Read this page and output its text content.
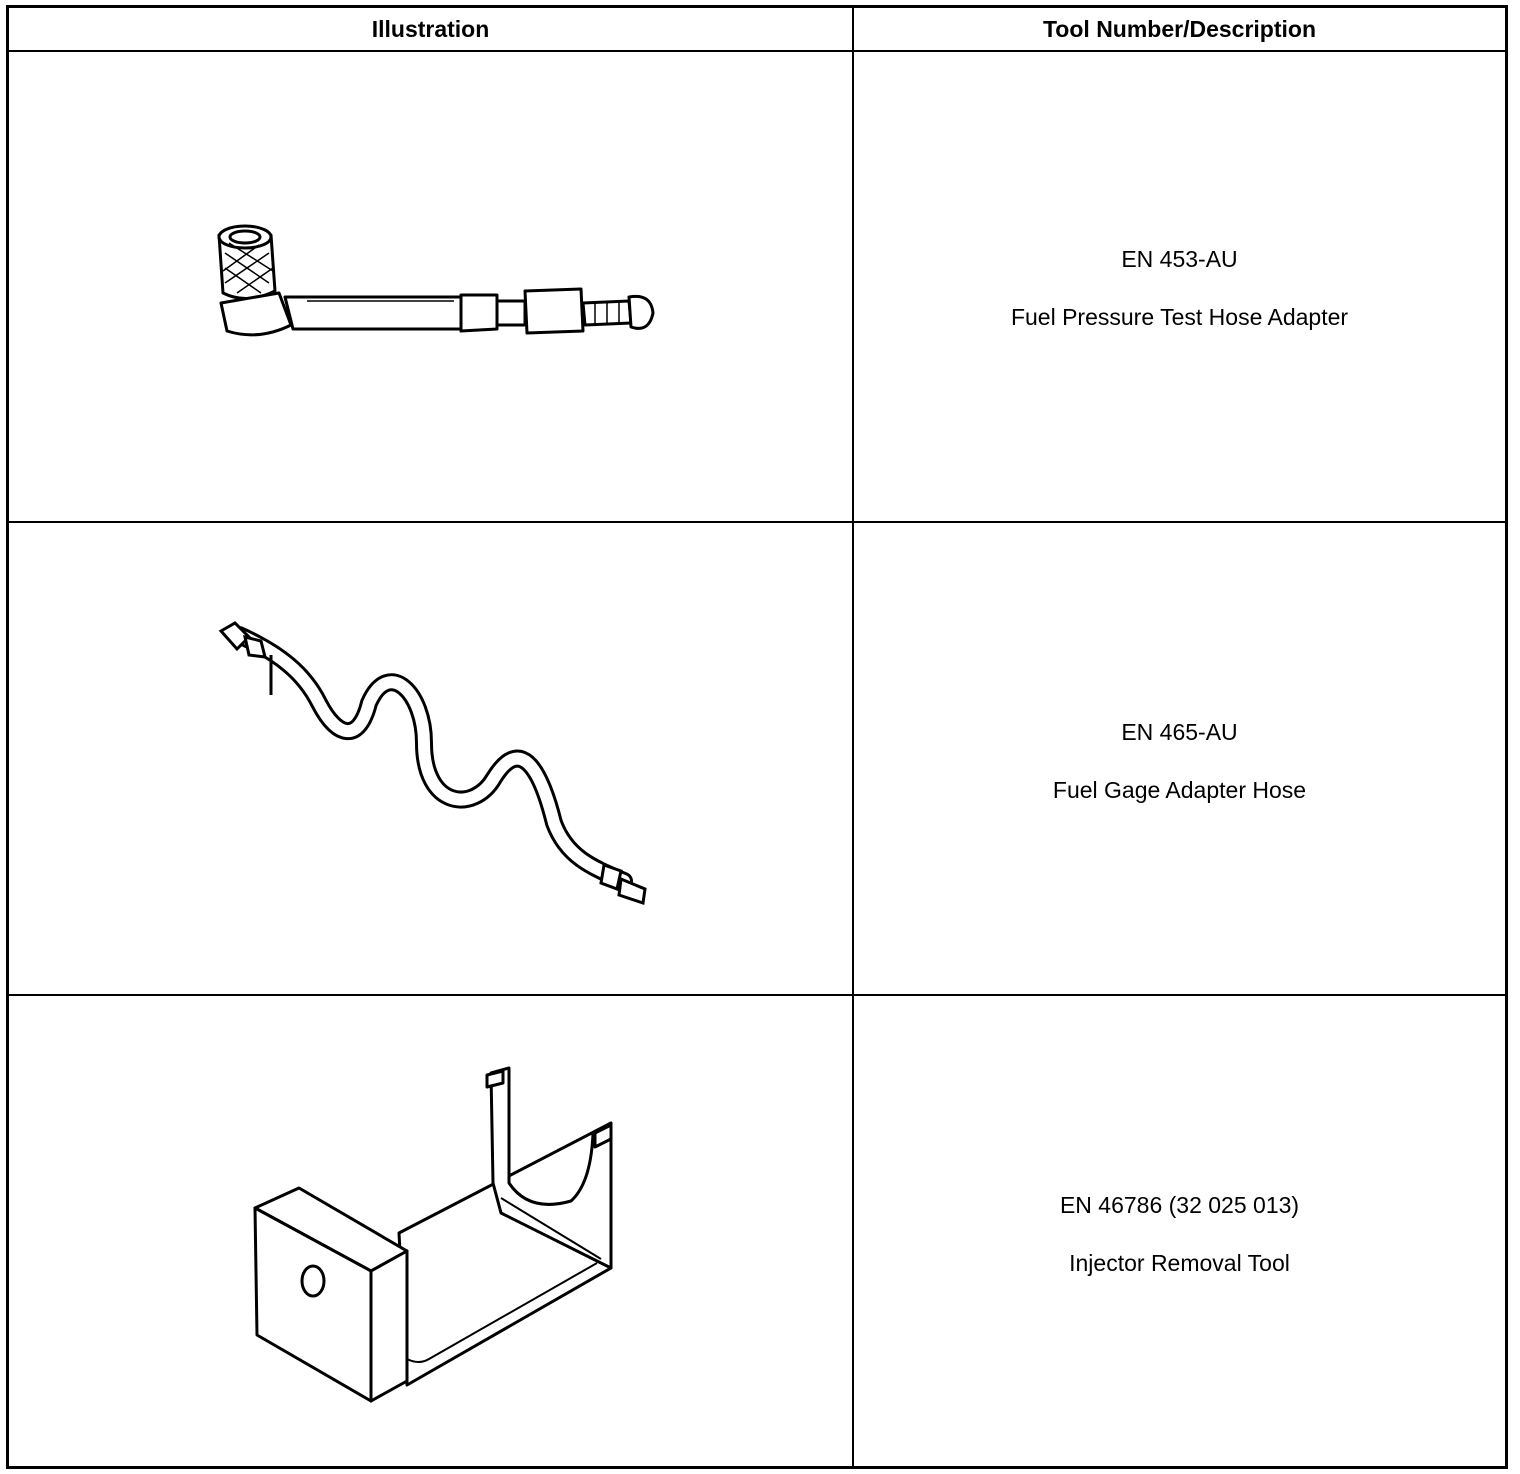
Illustration	Tool Number/Description
EN 453-AU
Fuel Pressure Test Hose Adapter
EN 465-AU
Fuel Gage Adapter Hose
EN 46786 (32 025 013)
Injector Removal Tool
